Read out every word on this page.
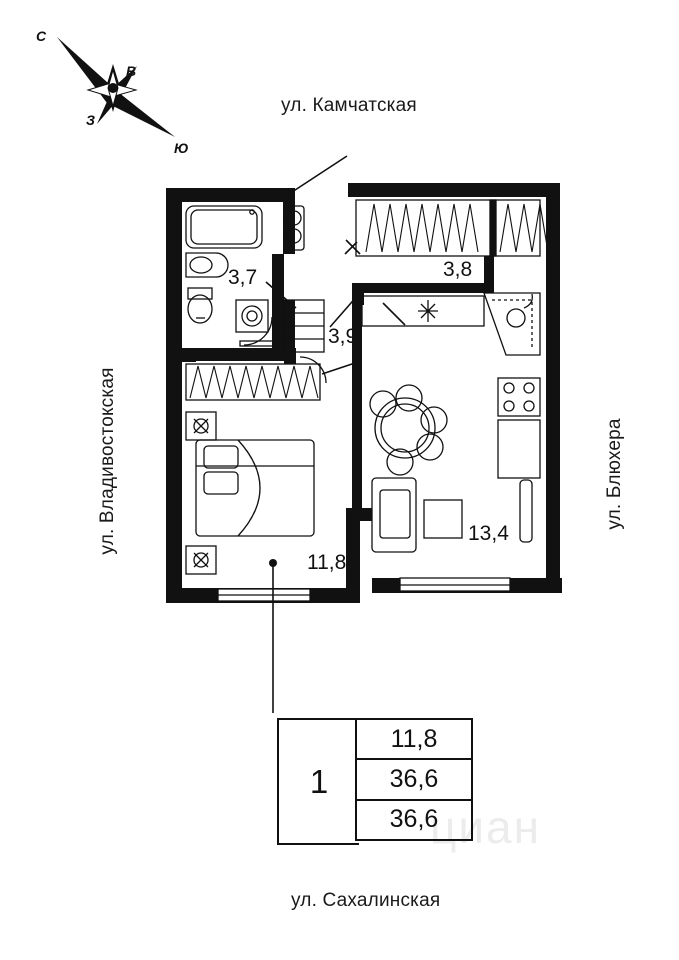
ул. Камчатская
ул. Сахалинская
ул. Владивостокская	ул. Блюхера
С
В
З
Ю
3,7	3,8
3,9
13,4
11,8
циан
1
11,8
36,6
36,6
